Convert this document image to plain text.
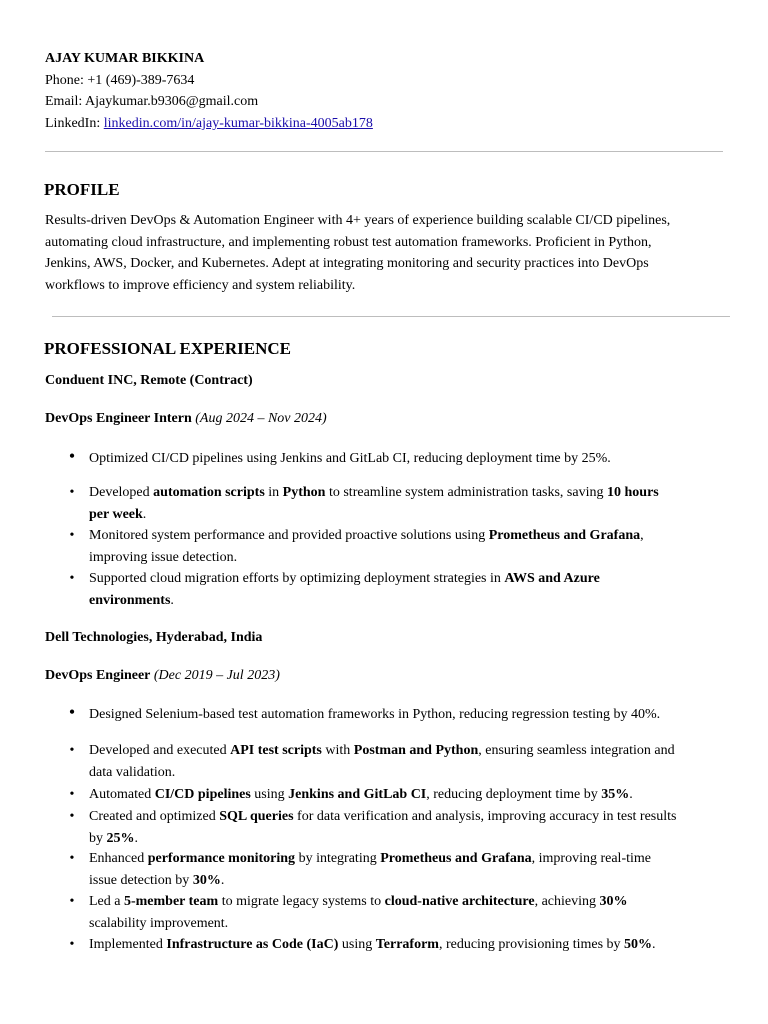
AJAY KUMAR BIKKINA
Phone: +1 (469)-389-7634
Email: Ajaykumar.b9306@gmail.com
LinkedIn: linkedin.com/in/ajay-kumar-bikkina-4005ab178
PROFILE
Results-driven DevOps & Automation Engineer with 4+ years of experience building scalable CI/CD pipelines,
automating cloud infrastructure, and implementing robust test automation frameworks. Proficient in Python,
Jenkins, AWS, Docker, and Kubernetes. Adept at integrating monitoring and security practices into DevOps
workflows to improve efficiency and system reliability.
PROFESSIONAL EXPERIENCE
Conduent INC, Remote (Contract)
DevOps Engineer Intern (Aug 2024 – Nov 2024)
• Optimized CI/CD pipelines using Jenkins and GitLab CI, reducing deployment time by 25%.
• Developed automation scripts in Python to streamline system administration tasks, saving 10 hours
per week.
• Monitored system performance and provided proactive solutions using Prometheus and Grafana,
improving issue detection.
• Supported cloud migration efforts by optimizing deployment strategies in AWS and Azure
environments.
Dell Technologies, Hyderabad, India
DevOps Engineer (Dec 2019 – Jul 2023)
• Designed Selenium-based test automation frameworks in Python, reducing regression testing by 40%.
• Developed and executed API test scripts with Postman and Python, ensuring seamless integration and
data validation.
• Automated CI/CD pipelines using Jenkins and GitLab CI, reducing deployment time by 35%.
• Created and optimized SQL queries for data verification and analysis, improving accuracy in test results
by 25%.
• Enhanced performance monitoring by integrating Prometheus and Grafana, improving real-time
issue detection by 30%.
• Led a 5-member team to migrate legacy systems to cloud-native architecture, achieving 30%
scalability improvement.
• Implemented Infrastructure as Code (IaC) using Terraform, reducing provisioning times by 50%.
